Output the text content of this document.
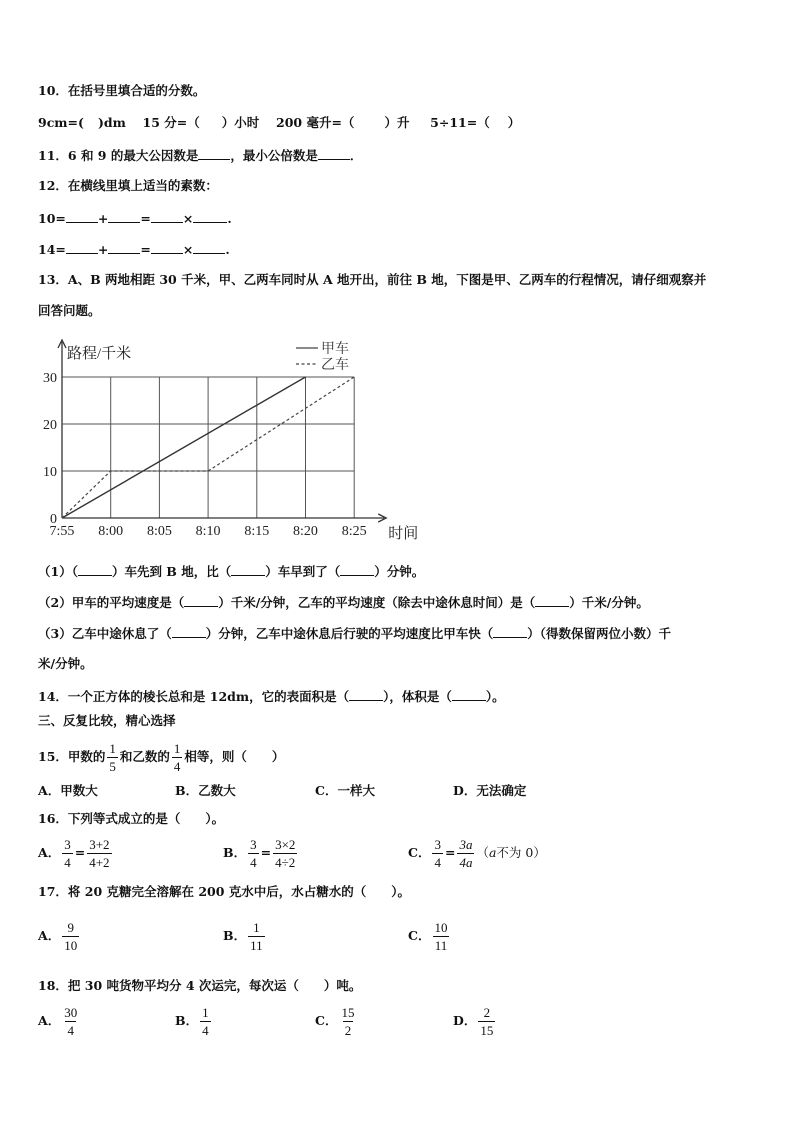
10．在括号里填合适的分数。
9cm=( )dm 15 分=（ ）小时 200 毫升=（ ）升 5÷11=（ ）
11．6 和 9 的最大公因数是	，最小公倍数是	．
12．在横线里填上适当的素数：
10=	+	=	×	.
14=	+	=	×	.
13．A、B 两地相距 30 千米，甲、乙两车同时从 A 地开出，前往 B 地，下图是甲、乙两车的行程情况，请仔细观察并
回答问题。
0
10
20
30
7:55 8:00 8:05 8:10 8:15 8:20 8:25
路程/千米
时间
甲车
乙车
（1）（	）车先到 B 地，比（	）车早到了（	）分钟。
（2）甲车的平均速度是（	）千米/分钟，乙车的平均速度（除去中途休息时间）是（	）千米/分钟。
（3）乙车中途休息了（	）分钟，乙车中途休息后行驶的平均速度比甲车快（	）（得数保留两位小数）千
米/分钟。
14．一个正方体的棱长总和是 12dm，它的表面积是（	），体积是（	）。
三、反复比较，精心选择
15．甲数的 $\frac{1}{5}$ 和乙数的 $\frac{1}{4}$ 相等，则（　　）
A．甲数大	B．乙数大	C．一样大	D．无法确定
16．下列等式成立的是（　　）。
A． $\frac{3}{4} = \frac{3+2}{4+2}$	B． $\frac{3}{4} = \frac{3\times 2}{4\div 2}$	C． $\frac{3}{4} = \frac{3a}{4a} (a$不为 0）
17．将 20 克糖完全溶解在 200 克水中后，水占糖水的（　　）。
A． $\frac{9}{10}$	B． $\frac{1}{11}$	C． $\frac{10}{11}$
18．把 30 吨货物平均分 4 次运完，每次运（　　）吨。
A． $\frac{30}{4}$	B． $\frac{1}{4}$	C． $\frac{15}{2}$	D． $\frac{2}{15}$
